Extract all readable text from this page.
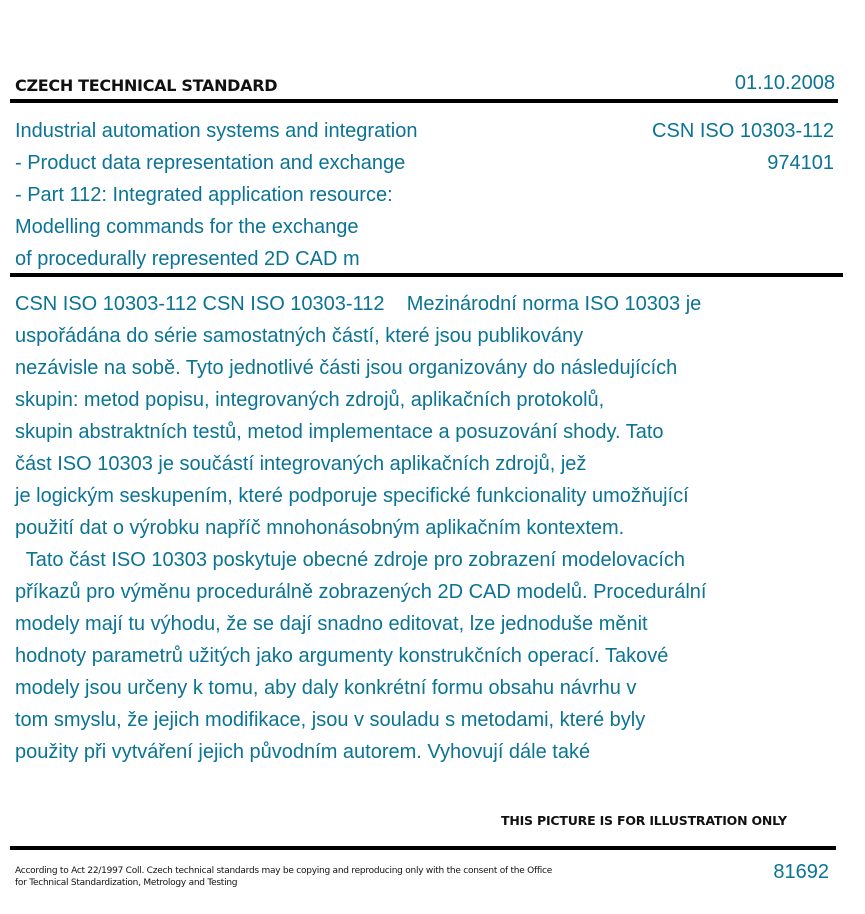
CZECH TECHNICAL STANDARD	01.10.2008
Industrial automation systems and integration
- Product data representation and exchange
- Part 112: Integrated application resource:
Modelling commands for the exchange
of procedurally represented 2D CAD m
CSN ISO 10303-112
974101
CSN ISO 10303-112 CSN ISO 10303-112    Mezinárodní norma ISO 10303 je
uspořádána do série samostatných částí, které jsou publikovány
nezávisle na sobě. Tyto jednotlivé části jsou organizovány do následujících
skupin: metod popisu, integrovaných zdrojů, aplikačních protokolů,
skupin abstraktních testů, metod implementace a posuzování shody. Tato
část ISO 10303 je součástí integrovaných aplikačních zdrojů, jež
je logickým seskupením, které podporuje specifické funkcionality umožňující
použití dat o výrobku napříč mnohonásobným aplikačním kontextem.
Tato část ISO 10303 poskytuje obecné zdroje pro zobrazení modelovacích
příkazů pro výměnu procedurálně zobrazených 2D CAD modelů. Procedurální
modely mají tu výhodu, že se dají snadno editovat, lze jednoduše měnit
hodnoty parametrů užitých jako argumenty konstrukčních operací. Takové
modely jsou určeny k tomu, aby daly konkrétní formu obsahu návrhu v
tom smyslu, že jejich modifikace, jsou v souladu s metodami, které byly
použity při vytváření jejich původním autorem. Vyhovují dále také
THIS PICTURE IS FOR ILLUSTRATION ONLY
According to Act 22/1997 Coll. Czech technical standards may be copying and reproducing only with the consent of the Office
for Technical Standardization, Metrology and Testing	81692
